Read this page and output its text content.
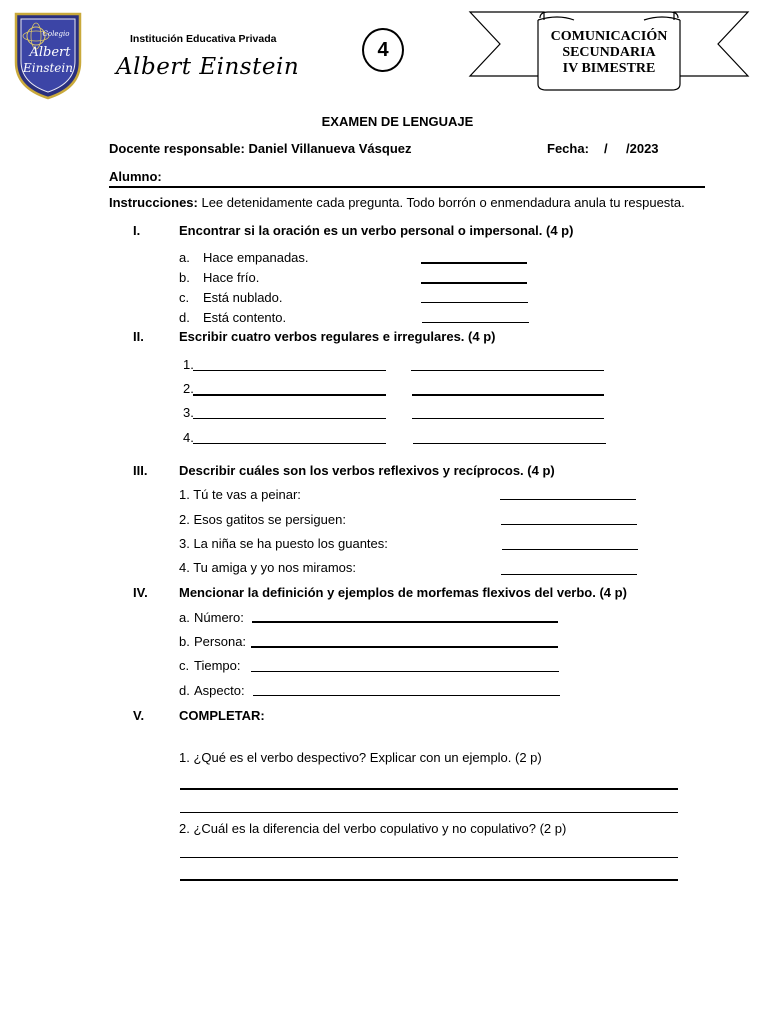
Colegio
Albert
Einstein
Institución Educativa Privada
Albert Einstein
4
COMUNICACIÓN
SECUNDARIA
IV BIMESTRE
EXAMEN DE LENGUAJE
Docente responsable: Daniel Villanueva Vásquez	Fecha: / /2023
Alumno:
Instrucciones: Lee detenidamente cada pregunta. Todo borrón o enmendadura anula tu respuesta.
I.	Encontrar si la oración es un verbo personal o impersonal. (4 p)
a. Hace empanadas.
b. Hace frío.
c. Está nublado.
d. Está contento.
II.	Escribir cuatro verbos regulares e irregulares. (4 p)
1.
2.
3.
4.
III. Describir cuáles son los verbos reflexivos y recíprocos. (4 p)
1. Tú te vas a peinar:
2. Esos gatitos se persiguen:
3. La niña se ha puesto los guantes:
4. Tu amiga y yo nos miramos:
IV. Mencionar la definición y ejemplos de morfemas flexivos del verbo. (4 p)
a. Número:
b. Persona:
c. Tiempo:
d. Aspecto:
V.	COMPLETAR:
1. ¿Qué es el verbo despectivo? Explicar con un ejemplo. (2 p)
2. ¿Cuál es la diferencia del verbo copulativo y no copulativo? (2 p)
